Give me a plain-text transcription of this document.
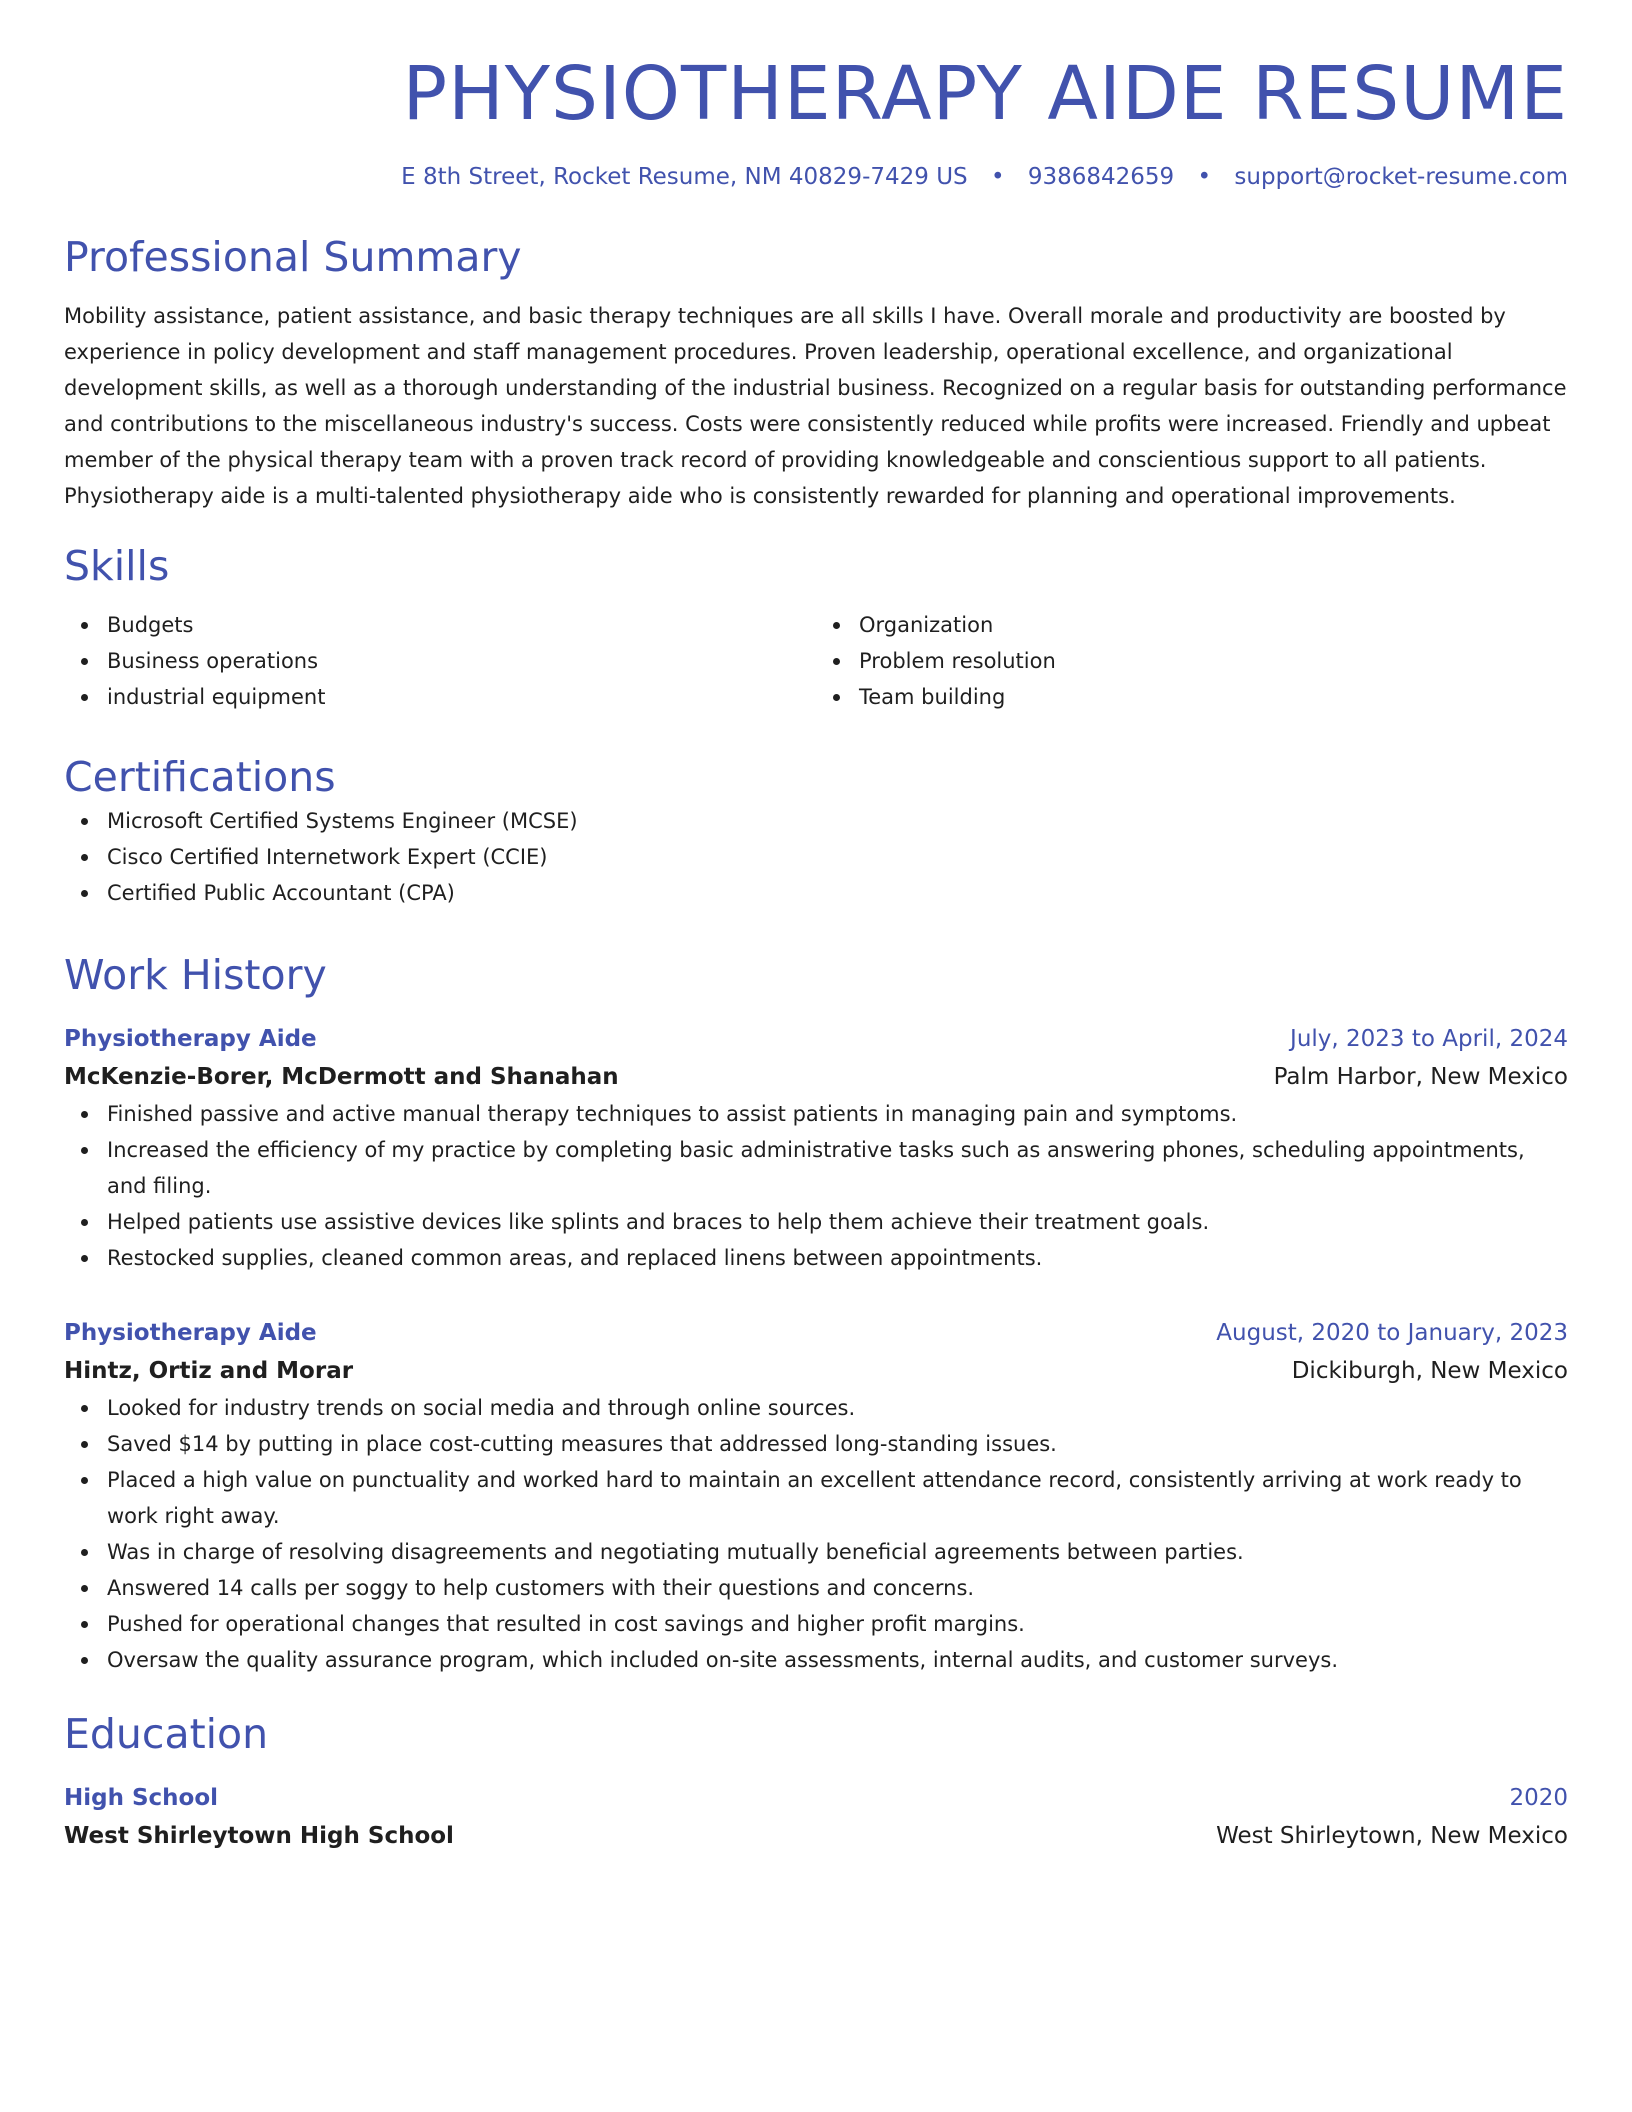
PHYSIOTHERAPY AIDE RESUME
E 8th Street, Rocket Resume, NM 40829-7429 US • 9386842659 • support@rocket-resume.com
Professional Summary

Mobility assistance, patient assistance, and basic therapy techniques are all skills I have. Overall morale and productivity are boosted by experience in policy development and staff management procedures. Proven leadership, operational excellence, and organizational development skills, as well as a thorough understanding of the industrial business. Recognized on a regular basis for outstanding performance and contributions to the miscellaneous industry's success. Costs were consistently reduced while profits were increased. Friendly and upbeat member of the physical therapy team with a proven track record of providing knowledgeable and conscientious support to all patients. Physiotherapy aide is a multi-talented physiotherapy aide who is consistently rewarded for planning and operational improvements.

Skills
Budgets
Business operations
industrial equipment
Organization
Problem resolution
Team building
Certifications
Microsoft Certified Systems Engineer (MCSE)
Cisco Certified Internetwork Expert (CCIE)
Certified Public Accountant (CPA)
Work History
Physiotherapy Aide	July, 2023 to April, 2024
McKenzie-Borer, McDermott and Shanahan	Palm Harbor, New Mexico
Finished passive and active manual therapy techniques to assist patients in managing pain and symptoms.
Increased the efficiency of my practice by completing basic administrative tasks such as answering phones, scheduling appointments, and filing.
Helped patients use assistive devices like splints and braces to help them achieve their treatment goals.
Restocked supplies, cleaned common areas, and replaced linens between appointments.
Physiotherapy Aide	August, 2020 to January, 2023
Hintz, Ortiz and Morar	Dickiburgh, New Mexico
Looked for industry trends on social media and through online sources.
Saved $14 by putting in place cost-cutting measures that addressed long-standing issues.
Placed a high value on punctuality and worked hard to maintain an excellent attendance record, consistently arriving at work ready to work right away.
Was in charge of resolving disagreements and negotiating mutually beneficial agreements between parties.
Answered 14 calls per soggy to help customers with their questions and concerns.
Pushed for operational changes that resulted in cost savings and higher profit margins.
Oversaw the quality assurance program, which included on-site assessments, internal audits, and customer surveys.
Education
High School	2020
West Shirleytown High School	West Shirleytown, New Mexico
